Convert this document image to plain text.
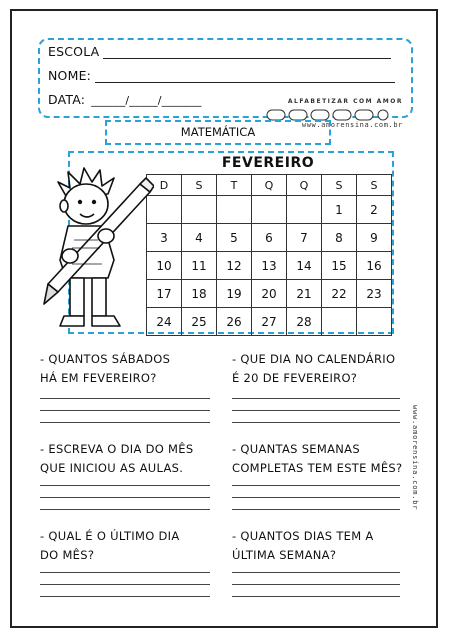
ESCOLA
NOME:
DATA: ______/_____/_______	ALFABETIZAR COM AMOR
www.amorensina.com.br
MATEMÁTICA
FEVEREIRO
D	S	T	Q	Q	S	S
					1	2
3	4	5	6	7	8	9
10	11	12	13	14	15	16
17	18	19	20	21	22	23
24	25	26	27	28		
- QUANTOS SÁBADOS
HÁ EM FEVEREIRO?
- QUE DIA NO CALENDÁRIO
É 20 DE FEVEREIRO?
- ESCREVA O DIA DO MÊS
QUE INICIOU AS AULAS.
- QUANTAS SEMANAS
COMPLETAS TEM ESTE MÊS?
- QUAL É O ÚLTIMO DIA
DO MÊS?
- QUANTOS DIAS TEM A
ÚLTIMA SEMANA?
www.amorensina.com.br
